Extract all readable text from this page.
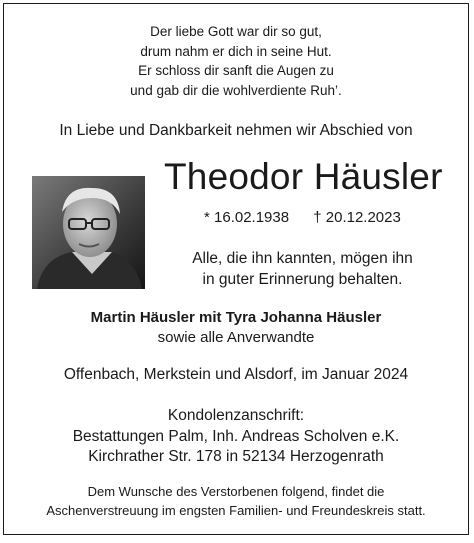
Der liebe Gott war dir so gut,
drum nahm er dich in seine Hut.
Er schloss dir sanft die Augen zu
und gab dir die wohlverdiente Ruh’.
In Liebe und Dankbarkeit nehmen wir Abschied von
Theodor Häusler
* 16.02.1938 † 20.12.2023
Alle, die ihn kannten, mögen ihn
in guter Erinnerung behalten.
Martin Häusler mit Tyra Johanna Häusler
sowie alle Anverwandte
Offenbach, Merkstein und Alsdorf, im Januar 2024
Kondolenzanschrift:
Bestattungen Palm, Inh. Andreas Scholven e.K.
Kirchrather Str. 178 in 52134 Herzogenrath
Dem Wunsche des Verstorbenen folgend, findet die
Aschenverstreuung im engsten Familien- und Freundeskreis statt.
